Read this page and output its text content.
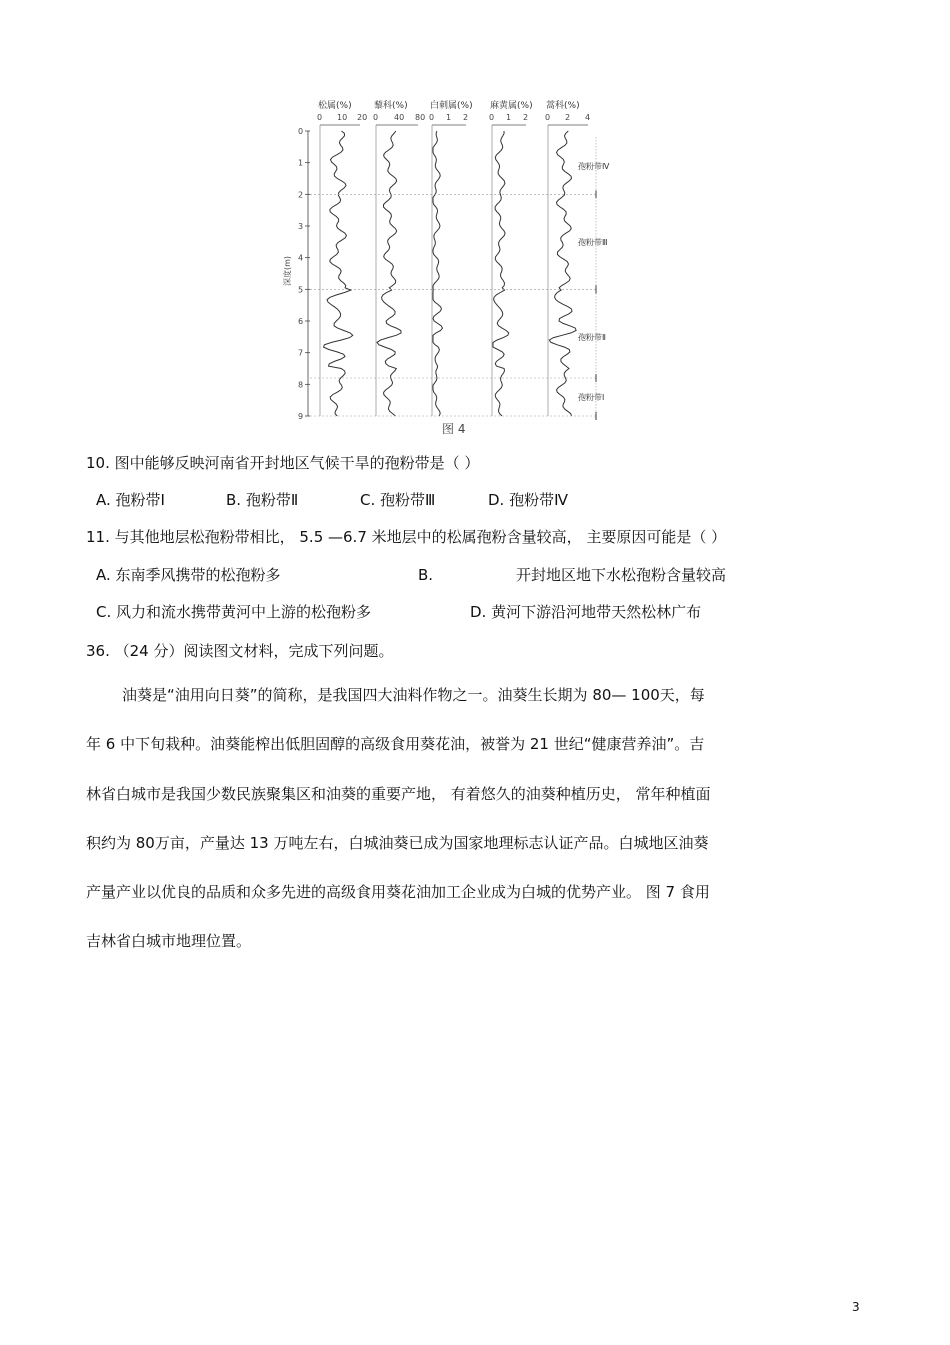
松属(%)
0 10 20
藜科(%)
0 40 80
白刺属(%)
0 1 2
麻黄属(%)
0 1 2
蒿科(%)
0 2 4
0
1
2
3
4
5
6
7
8
9
深度(m)
孢粉带Ⅳ
孢粉带Ⅲ
孢粉带Ⅱ
孢粉带Ⅰ
图 4
10. 图中能够反映河南省开封地区气候干旱的孢粉带是（ ）
A. 孢粉带Ⅰ	B. 孢粉带Ⅱ	C. 孢粉带Ⅲ	D. 孢粉带Ⅳ
11. 与其他地层松孢粉带相比， 5.5 —6.7 米地层中的松属孢粉含量较高， 主要原因可能是（ ）
A. 东南季风携带的松孢粉多	B.	开封地区地下水松孢粉含量较高
C. 风力和流水携带黄河中上游的松孢粉多	D. 黄河下游沿河地带天然松林广布
36. （24 分）阅读图文材料，完成下列问题。
油葵是“油用向日葵”的简称，是我国四大油料作物之一。油葵生长期为 80— 100天，每
年 6 中下旬栽种。油葵能榨出低胆固醇的高级食用葵花油，被誉为 21 世纪“健康营养油”。吉
林省白城市是我国少数民族聚集区和油葵的重要产地， 有着悠久的油葵种植历史， 常年种植面
积约为 80万亩，产量达 13 万吨左右，白城油葵已成为国家地理标志认证产品。白城地区油葵
产量产业以优良的品质和众多先进的高级食用葵花油加工企业成为白城的优势产业。 图 7 食用
吉林省白城市地理位置。
3
